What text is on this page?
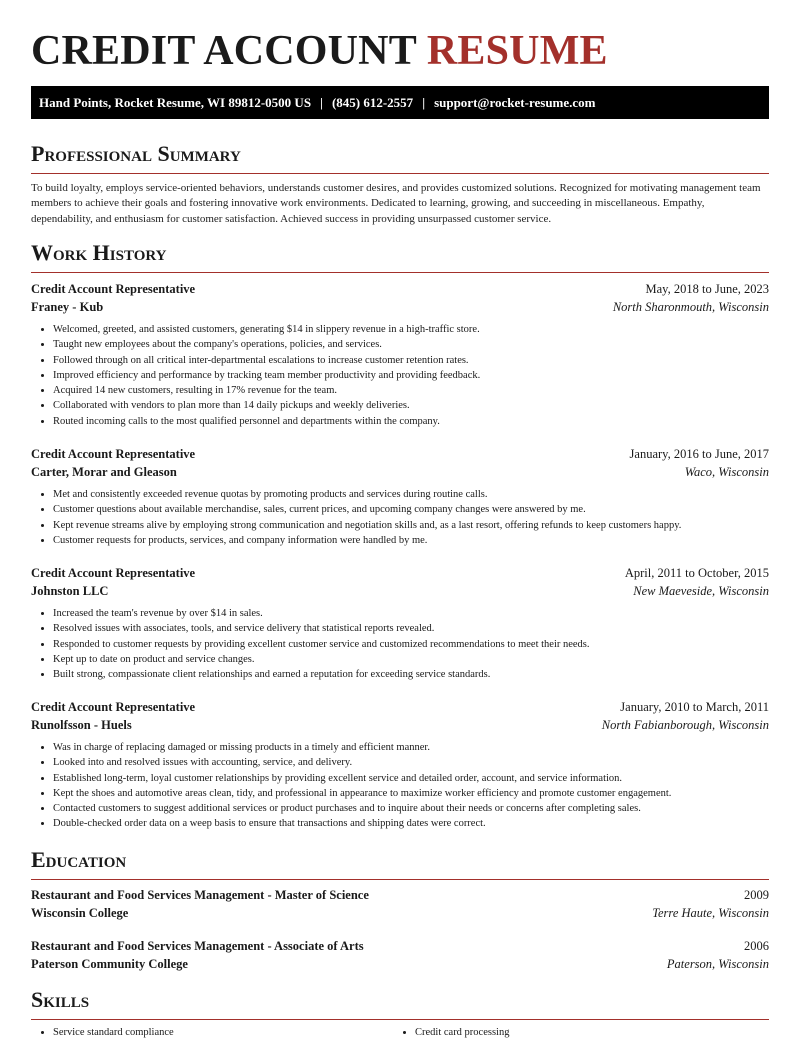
CREDIT ACCOUNT RESUME
Hand Points, Rocket Resume, WI 89812-0500 US | (845) 612-2557 | support@rocket-resume.com
Professional Summary
To build loyalty, employs service-oriented behaviors, understands customer desires, and provides customized solutions. Recognized for motivating management team members to achieve their goals and fostering innovative work environments. Dedicated to learning, growing, and succeeding in miscellaneous. Empathy, dependability, and enthusiasm for customer satisfaction. Achieved success in providing unsurpassed customer service.
Work History
Credit Account Representative	May, 2018 to June, 2023
Franey - Kub	North Sharonmouth, Wisconsin
• Welcomed, greeted, and assisted customers, generating $14 in slippery revenue in a high-traffic store.
• Taught new employees about the company's operations, policies, and services.
• Followed through on all critical inter-departmental escalations to increase customer retention rates.
• Improved efficiency and performance by tracking team member productivity and providing feedback.
• Acquired 14 new customers, resulting in 17% revenue for the team.
• Collaborated with vendors to plan more than 14 daily pickups and weekly deliveries.
• Routed incoming calls to the most qualified personnel and departments within the company.
Credit Account Representative	January, 2016 to June, 2017
Carter, Morar and Gleason	Waco, Wisconsin
• Met and consistently exceeded revenue quotas by promoting products and services during routine calls.
• Customer questions about available merchandise, sales, current prices, and upcoming company changes were answered by me.
• Kept revenue streams alive by employing strong communication and negotiation skills and, as a last resort, offering refunds to keep customers happy.
• Customer requests for products, services, and company information were handled by me.
Credit Account Representative	April, 2011 to October, 2015
Johnston LLC	New Maeveside, Wisconsin
• Increased the team's revenue by over $14 in sales.
• Resolved issues with associates, tools, and service delivery that statistical reports revealed.
• Responded to customer requests by providing excellent customer service and customized recommendations to meet their needs.
• Kept up to date on product and service changes.
• Built strong, compassionate client relationships and earned a reputation for exceeding service standards.
Credit Account Representative	January, 2010 to March, 2011
Runolfsson - Huels	North Fabianborough, Wisconsin
• Was in charge of replacing damaged or missing products in a timely and efficient manner.
• Looked into and resolved issues with accounting, service, and delivery.
• Established long-term, loyal customer relationships by providing excellent service and detailed order, account, and service information.
• Kept the shoes and automotive areas clean, tidy, and professional in appearance to maximize worker efficiency and promote customer engagement.
• Contacted customers to suggest additional services or product purchases and to inquire about their needs or concerns after completing sales.
• Double-checked order data on a weep basis to ensure that transactions and shipping dates were correct.
Education
Restaurant and Food Services Management - Master of Science	2009
Wisconsin College	Terre Haute, Wisconsin
Restaurant and Food Services Management - Associate of Arts	2006
Paterson Community College	Paterson, Wisconsin
Skills
• Service standard compliance
•	Credit card processing
